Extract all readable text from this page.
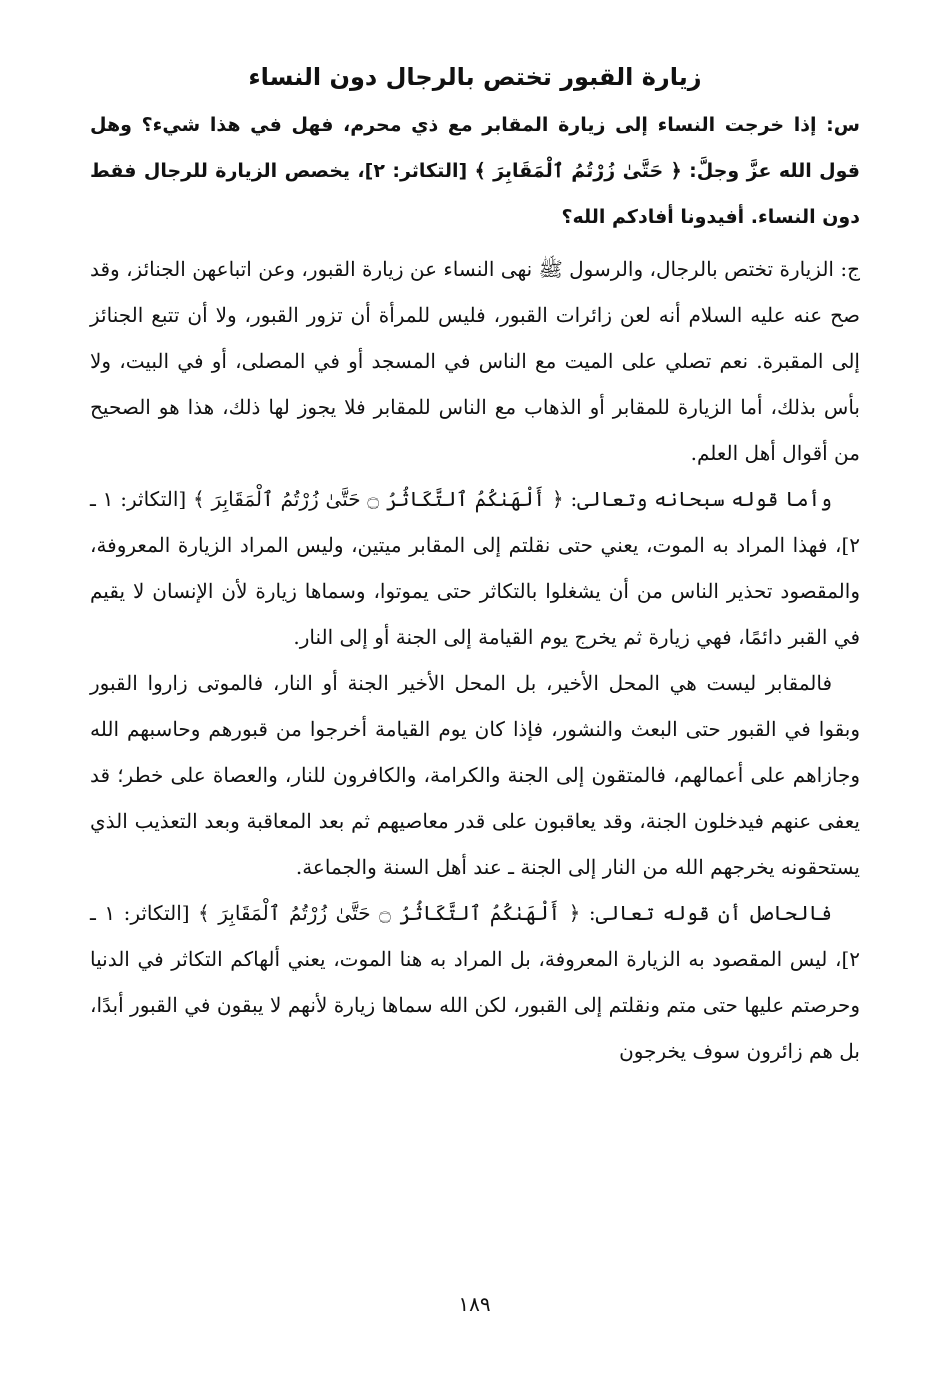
زيارة القبور تختص بالرجال دون النساء

س: إذا خرجت النساء إلى زيارة المقابر مع ذي محرم، فهل في هذا شيء؟ وهل قول الله عزَّ وجلَّ: ﴿ حَتَّىٰ زُرْتُمُ ٱلْمَقَابِرَ ﴾ [التكاثر: ٢]، يخصص الزيارة للرجال فقط دون النساء. أفيدونا أفادكم الله؟

ج: الزيارة تختص بالرجال، والرسول ﷺ نهى النساء عن زيارة القبور، وعن اتباعهن الجنائز، وقد صح عنه عليه السلام أنه لعن زائرات القبور، فليس للمرأة أن تزور القبور، ولا أن تتبع الجنائز إلى المقبرة. نعم تصلي على الميت مع الناس في المسجد أو في المصلى، أو في البيت، ولا بأس بذلك، أما الزيارة للمقابر أو الذهاب مع الناس للمقابر فلا يجوز لها ذلك، هذا هو الصحيح من أقوال أهل العلم.

وأما قوله سبحانه وتعالى: ﴿ أَلْهَىٰكُمُ ٱلتَّكَاثُرُ ۝ حَتَّىٰ زُرْتُمُ ٱلْمَقَابِرَ ﴾ [التكاثر: ١ ـ ٢]، فهذا المراد به الموت، يعني حتى نقلتم إلى المقابر ميتين، وليس المراد الزيارة المعروفة، والمقصود تحذير الناس من أن يشغلوا بالتكاثر حتى يموتوا، وسماها زيارة لأن الإنسان لا يقيم في القبر دائمًا، فهي زيارة ثم يخرج يوم القيامة إلى الجنة أو إلى النار.

فالمقابر ليست هي المحل الأخير، بل المحل الأخير الجنة أو النار، فالموتى زاروا القبور وبقوا في القبور حتى البعث والنشور، فإذا كان يوم القيامة أخرجوا من قبورهم وحاسبهم الله وجازاهم على أعمالهم، فالمتقون إلى الجنة والكرامة، والكافرون للنار، والعصاة على خطر؛ قد يعفى عنهم فيدخلون الجنة، وقد يعاقبون على قدر معاصيهم ثم بعد المعاقبة وبعد التعذيب الذي يستحقونه يخرجهم الله من النار إلى الجنة ـ عند أهل السنة والجماعة.

فالحاصل أن قوله تعالى: ﴿ أَلْهَىٰكُمُ ٱلتَّكَاثُرُ ۝ حَتَّىٰ زُرْتُمُ ٱلْمَقَابِرَ ﴾ [التكاثر: ١ ـ ٢]، ليس المقصود به الزيارة المعروفة، بل المراد به هنا الموت، يعني ألهاكم التكاثر في الدنيا وحرصتم عليها حتى متم ونقلتم إلى القبور، لكن الله سماها زيارة لأنهم لا يبقون في القبور أبدًا، بل هم زائرون سوف يخرجون

١٨٩
